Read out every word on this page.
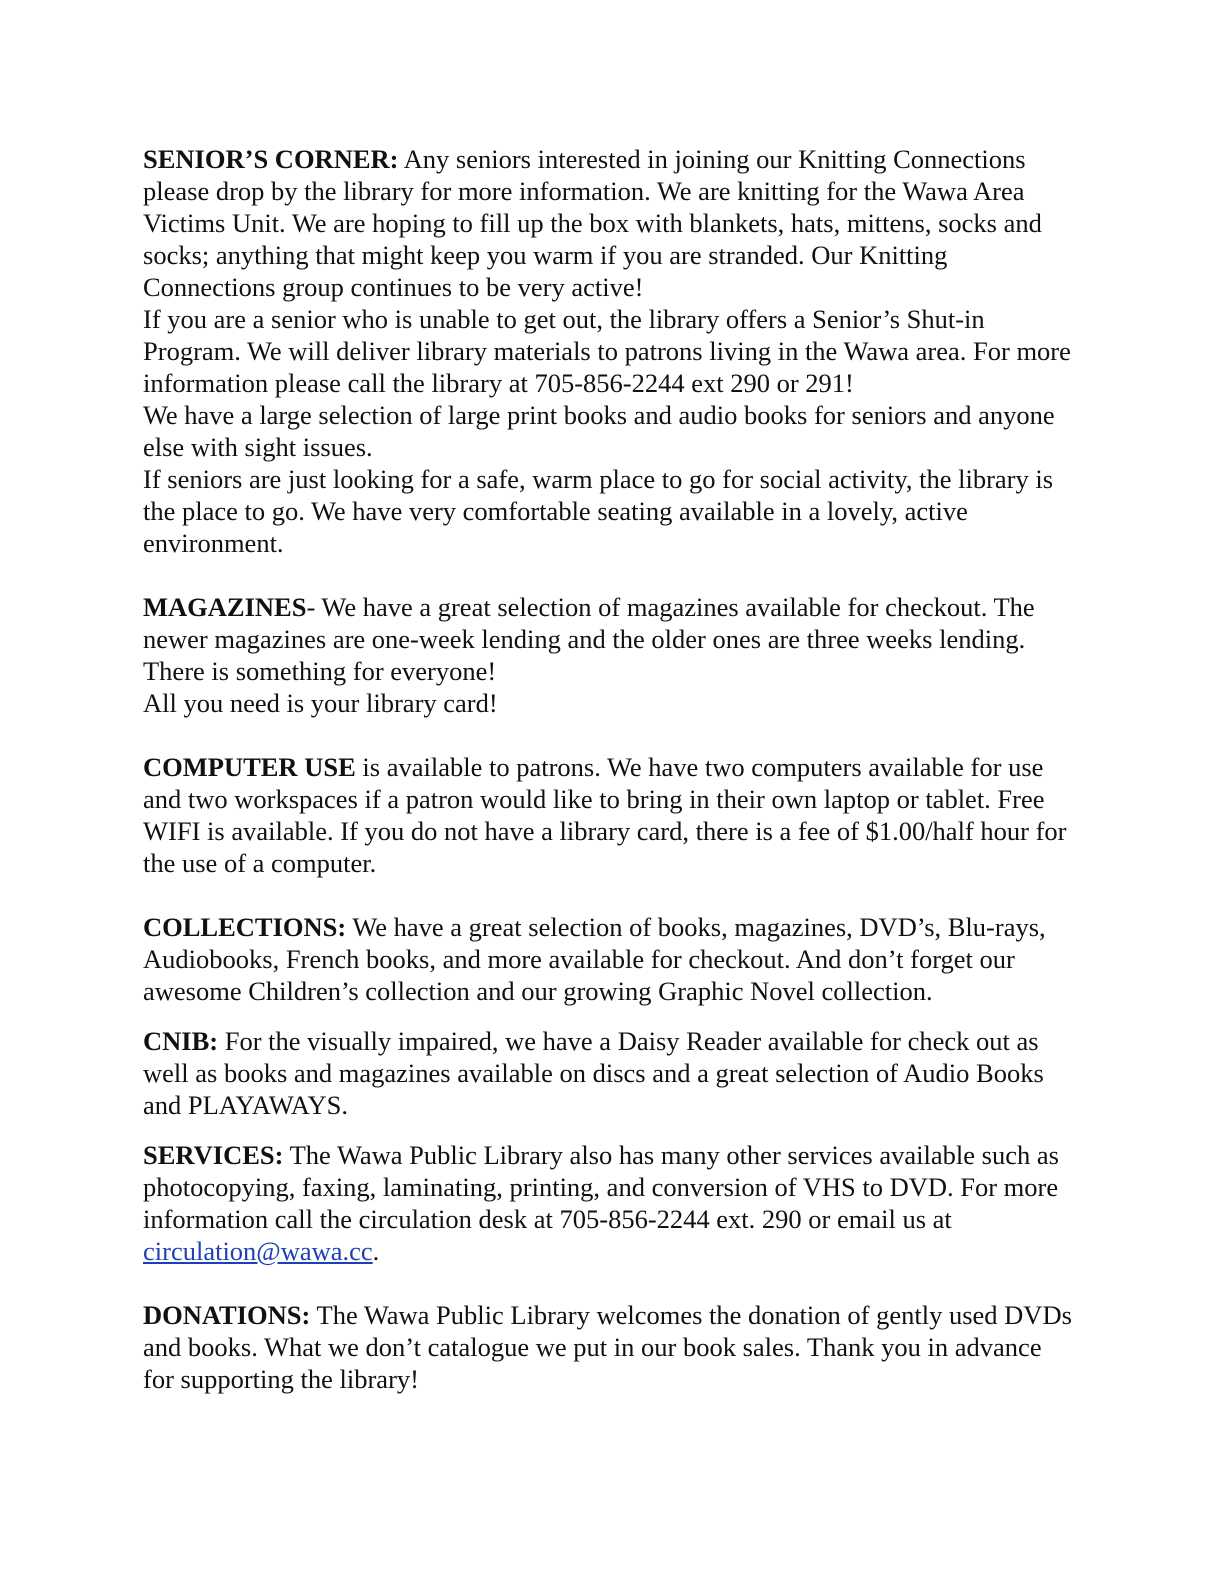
SENIOR’S CORNER: Any seniors interested in joining our Knitting Connections please drop by the library for more information. We are knitting for the Wawa Area Victims Unit. We are hoping to fill up the box with blankets, hats, mittens, socks and socks; anything that might keep you warm if you are stranded. Our Knitting Connections group continues to be very active!

If you are a senior who is unable to get out, the library offers a Senior’s Shut-in Program. We will deliver library materials to patrons living in the Wawa area. For more information please call the library at 705-856-2244 ext 290 or 291!

We have a large selection of large print books and audio books for seniors and anyone else with sight issues.

If seniors are just looking for a safe, warm place to go for social activity, the library is the place to go. We have very comfortable seating available in a lovely, active environment.

MAGAZINES- We have a great selection of magazines available for checkout. The newer magazines are one-week lending and the older ones are three weeks lending. There is something for everyone!

All you need is your library card!

COMPUTER USE is available to patrons. We have two computers available for use and two workspaces if a patron would like to bring in their own laptop or tablet. Free WIFI is available. If you do not have a library card, there is a fee of $1.00/half hour for the use of a computer.

COLLECTIONS: We have a great selection of books, magazines, DVD’s, Blu-rays, Audiobooks, French books, and more available for checkout. And don’t forget our awesome Children’s collection and our growing Graphic Novel collection.

CNIB: For the visually impaired, we have a Daisy Reader available for check out as well as books and magazines available on discs and a great selection of Audio Books and PLAYAWAYS.

SERVICES: The Wawa Public Library also has many other services available such as photocopying, faxing, laminating, printing, and conversion of VHS to DVD. For more information call the circulation desk at 705-856-2244 ext. 290 or email us at circulation@wawa.cc.

DONATIONS: The Wawa Public Library welcomes the donation of gently used DVDs and books. What we don’t catalogue we put in our book sales. Thank you in advance for supporting the library!
